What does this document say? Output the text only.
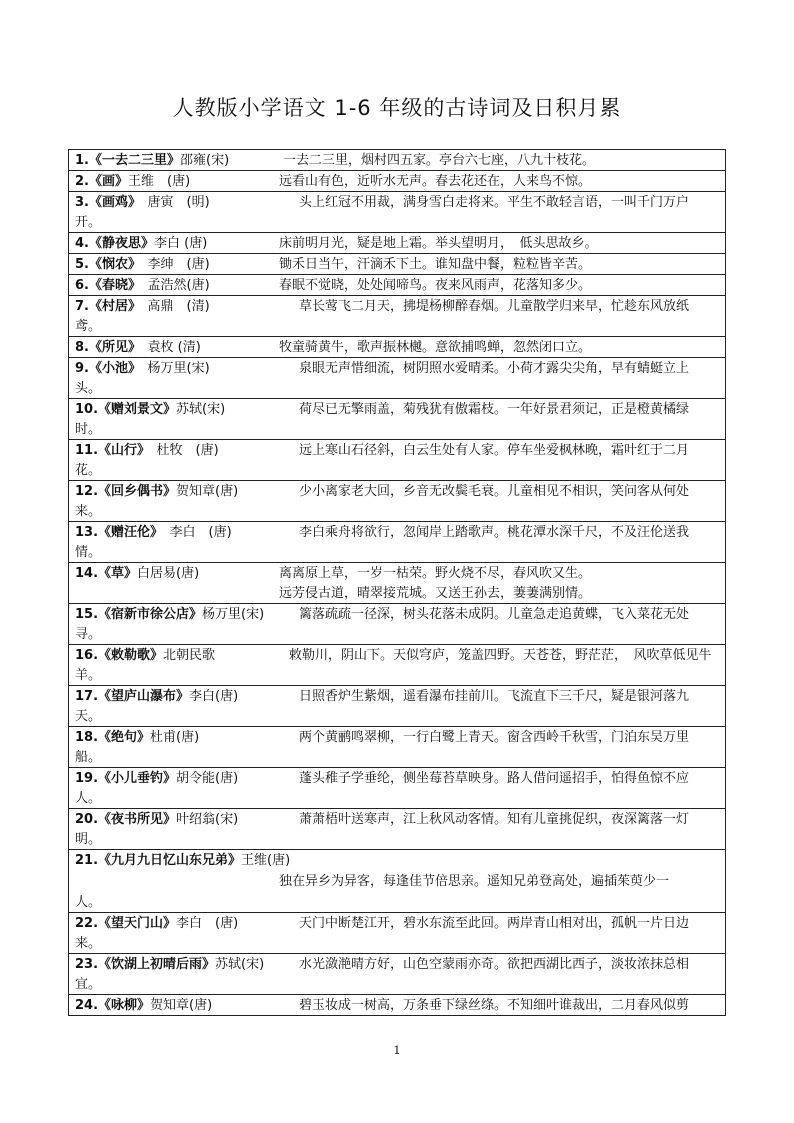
人教版小学语文 1-6 年级的古诗词及日积月累
1.《一去二三里》邵雍(宋)	一去二三里，烟村四五家。亭台六七座，八九十枝花。
2.《画》王维　(唐)	远看山有色，近听水无声。春去花还在，人来鸟不惊。
3.《画鸡》　唐寅　(明)	头上红冠不用裁，满身雪白走将来。平生不敢轻言语，一叫千门万户
开。
4.《静夜思》李白 (唐)	床前明月光，疑是地上霜。举头望明月，　低头思故乡。
5.《悯农》　李绅　(唐)	锄禾日当午，汗滴禾下土。谁知盘中餐，粒粒皆辛苦。
6.《春晓》　孟浩然(唐)	春眠不觉晓，处处闻啼鸟。夜来风雨声，花落知多少。
7.《村居》　高鼎　(清)	草长莺飞二月天，拂堤杨柳醉春烟。儿童散学归来早，忙趁东风放纸
鸢。
8.《所见》　袁枚 (清)	牧童骑黄牛，歌声振林樾。意欲捕鸣蝉，忽然闭口立。
9.《小池》　杨万里(宋)	泉眼无声惜细流，树阴照水爱晴柔。小荷才露尖尖角，早有蜻蜓立上
头。
10.《赠刘景文》苏轼(宋)	荷尽已无擎雨盖，菊残犹有傲霜枝。一年好景君须记，正是橙黄橘绿
时。
11.《山行》　杜牧　(唐)	远上寒山石径斜，白云生处有人家。停车坐爱枫林晚，霜叶红于二月
花。
12.《回乡偶书》贺知章(唐)	少小离家老大回，乡音无改鬓毛衰。儿童相见不相识，笑问客从何处
来。
13.《赠汪伦》　李白　(唐)	李白乘舟将欲行，忽闻岸上踏歌声。桃花潭水深千尺，不及汪伦送我
情。
14.《草》白居易(唐)	离离原上草，一岁一枯荣。野火烧不尽，春风吹又生。
远芳侵古道，晴翠接荒城。又送王孙去，萋萋满别情。
15.《宿新市徐公店》杨万里(宋)	篱落疏疏一径深，树头花落未成阴。儿童急走追黄蝶，飞入菜花无处
寻。
16.《敕勒歌》北朝民歌	敕勒川，阴山下。天似穹庐，笼盖四野。天苍苍，野茫茫，　风吹草低见牛
羊。
17.《望庐山瀑布》李白(唐)	日照香炉生紫烟，遥看瀑布挂前川。飞流直下三千尺，疑是银河落九
天。
18.《绝句》杜甫(唐)	两个黄鹂鸣翠柳，一行白鹭上青天。窗含西岭千秋雪，门泊东吴万里
船。
19.《小儿垂钓》胡令能(唐)	蓬头稚子学垂纶，侧坐莓苔草映身。路人借问遥招手，怕得鱼惊不应
人。
20.《夜书所见》叶绍翁(宋)	萧萧梧叶送寒声，江上秋风动客情。知有儿童挑促织，夜深篱落一灯
明。
21.《九月九日忆山东兄弟》王维(唐)
独在异乡为异客，每逢佳节倍思亲。遥知兄弟登高处，遍插茱萸少一
人。
22.《望天门山》李白　(唐)	天门中断楚江开，碧水东流至此回。两岸青山相对出，孤帆一片日边
来。
23.《饮湖上初晴后雨》苏轼(宋)	水光潋滟晴方好，山色空蒙雨亦奇。欲把西湖比西子，淡妆浓抹总相
宜。
24.《咏柳》贺知章(唐)	碧玉妆成一树高，万条垂下绿丝绦。不知细叶谁裁出，二月春风似剪
1
